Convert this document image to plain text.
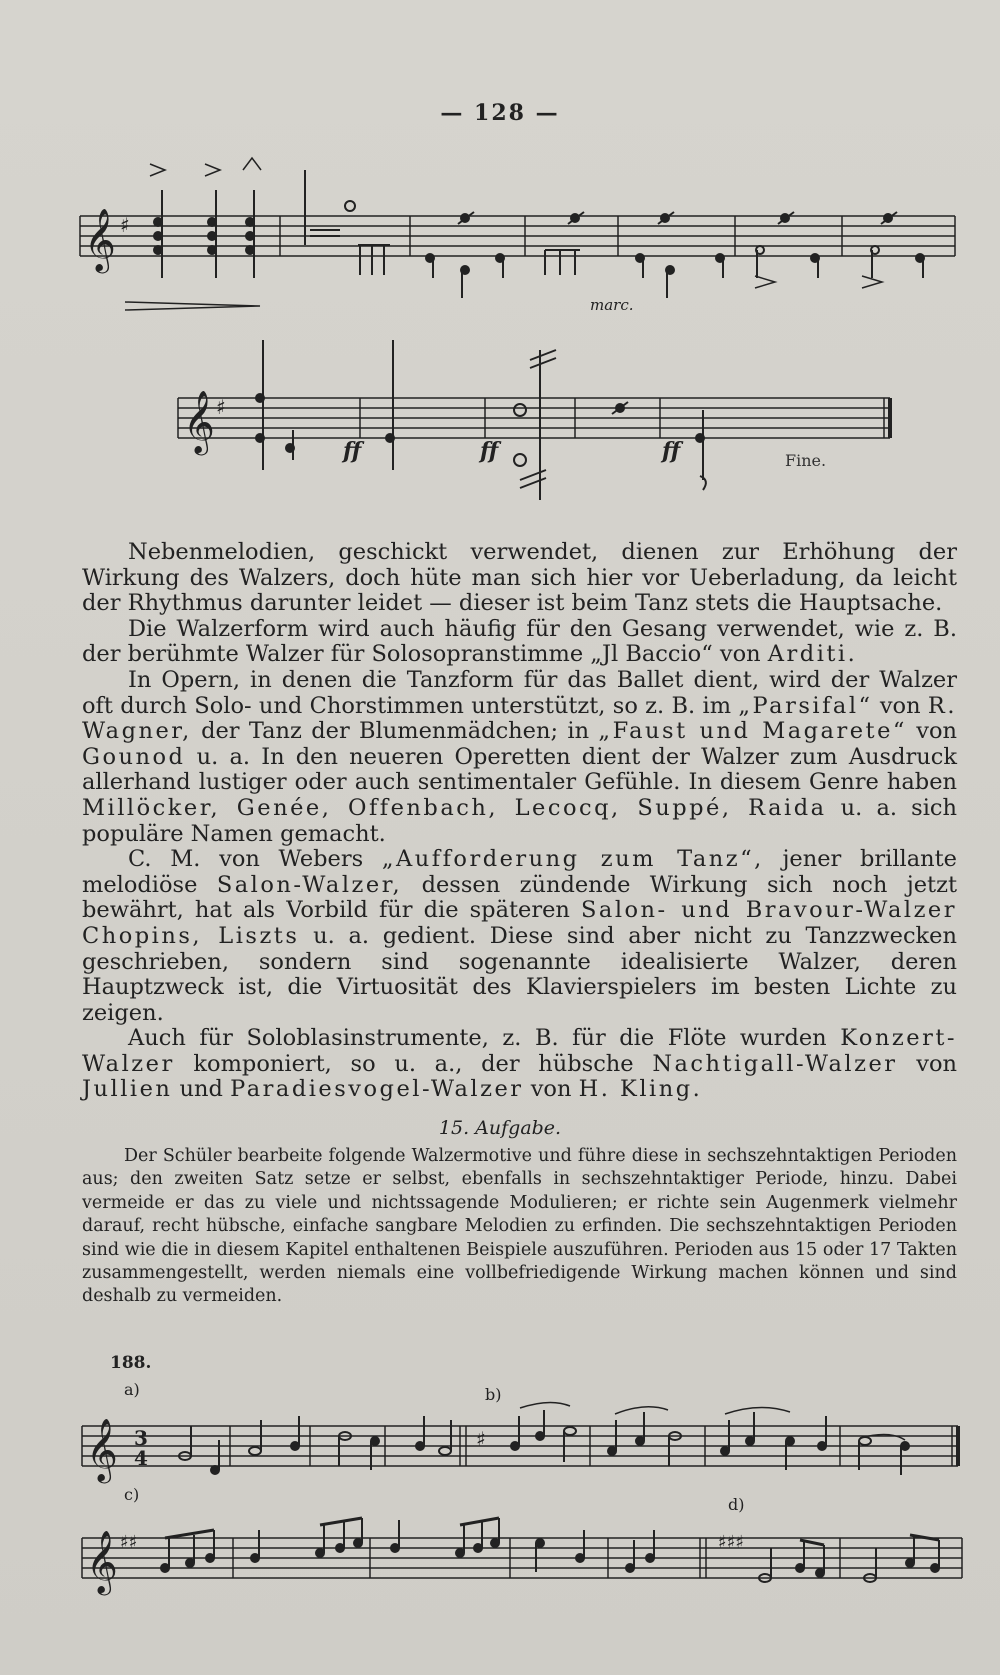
— 128 —
𝄞 ♯
marc.
𝄞 ♯
ff	ff	ff	Fine.

Nebenmelodien, geschickt verwendet, dienen zur Erhöhung der Wirkung des Walzers, doch hüte man sich hier vor Ueberladung, da leicht der Rhythmus darunter leidet — dieser ist beim Tanz stets die Hauptsache.

Die Walzerform wird auch häufig für den Gesang verwendet, wie z. B. der berühmte Walzer für Solosopranstimme „Jl Baccio“ von Arditi.

In Opern, in denen die Tanzform für das Ballet dient, wird der Walzer oft durch Solo- und Chorstimmen unterstützt, so z. B. im „Parsifal“ von R. Wagner, der Tanz der Blumenmädchen; in „Faust und Magarete“ von Gounod u. a. In den neueren Operetten dient der Walzer zum Ausdruck allerhand lustiger oder auch sentimentaler Gefühle. In diesem Genre haben Millöcker, Genée, Offenbach, Lecocq, Suppé, Raida u. a. sich populäre Namen gemacht.

C. M. von Webers „Aufforderung zum Tanz“, jener brillante melodiöse Salon-Walzer, dessen zündende Wirkung sich noch jetzt bewährt, hat als Vorbild für die späteren Salon- und Bravour-Walzer Chopins, Liszts u. a. gedient. Diese sind aber nicht zu Tanzzwecken geschrieben, sondern sind sogenannte idealisierte Walzer, deren Hauptzweck ist, die Virtuosität des Klavierspielers im besten Lichte zu zeigen.

Auch für Soloblasinstrumente, z. B. für die Flöte wurden Konzert-Walzer komponiert, so u. a., der hübsche Nachtigall-Walzer von Jullien und Paradiesvogel-Walzer von H. Kling.

15. Aufgabe.

Der Schüler bearbeite folgende Walzermotive und führe diese in sechszehntaktigen Perioden aus; den zweiten Satz setze er selbst, ebenfalls in sechszehntaktiger Periode, hinzu. Dabei vermeide er das zu viele und nichtssagende Modulieren; er richte sein Augenmerk vielmehr darauf, recht hübsche, einfache sangbare Melodien zu erfinden. Die sechszehntaktigen Perioden sind wie die in diesem Kapitel enthaltenen Beispiele auszuführen. Perioden aus 15 oder 17 Takten zusammengestellt, werden niemals eine vollbefriedigende Wirkung machen können und sind deshalb zu vermeiden.

188.
a)	b)
c)
d)
𝄞 3
4
♯
𝄞 ♯♯	♯♯♯
